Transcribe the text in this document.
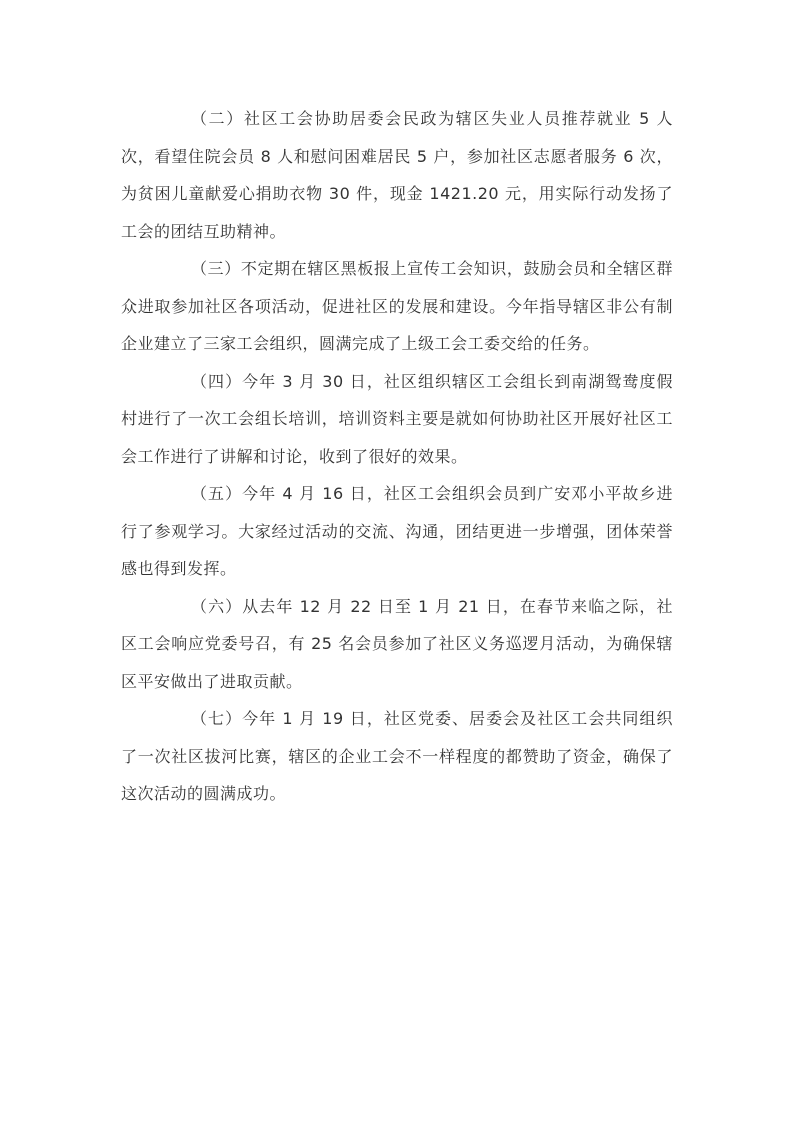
（二）社区工会协助居委会民政为辖区失业人员推荐就业 5 人次，看望住院会员 8 人和慰问困难居民 5 户，参加社区志愿者服务 6 次，为贫困儿童献爱心捐助衣物 30 件，现金 1421.20 元，用实际行动发扬了工会的团结互助精神。

（三）不定期在辖区黑板报上宣传工会知识，鼓励会员和全辖区群众进取参加社区各项活动，促进社区的发展和建设。今年指导辖区非公有制企业建立了三家工会组织，圆满完成了上级工会工委交给的任务。

（四）今年 3 月 30 日，社区组织辖区工会组长到南湖鸳鸯度假村进行了一次工会组长培训，培训资料主要是就如何协助社区开展好社区工会工作进行了讲解和讨论，收到了很好的效果。

（五）今年 4 月 16 日，社区工会组织会员到广安邓小平故乡进行了参观学习。大家经过活动的交流、沟通，团结更进一步增强，团体荣誉感也得到发挥。

（六）从去年 12 月 22 日至 1 月 21 日，在春节来临之际，社区工会响应党委号召，有 25 名会员参加了社区义务巡逻月活动，为确保辖区平安做出了进取贡献。

（七）今年 1 月 19 日，社区党委、居委会及社区工会共同组织了一次社区拔河比赛，辖区的企业工会不一样程度的都赞助了资金，确保了这次活动的圆满成功。
